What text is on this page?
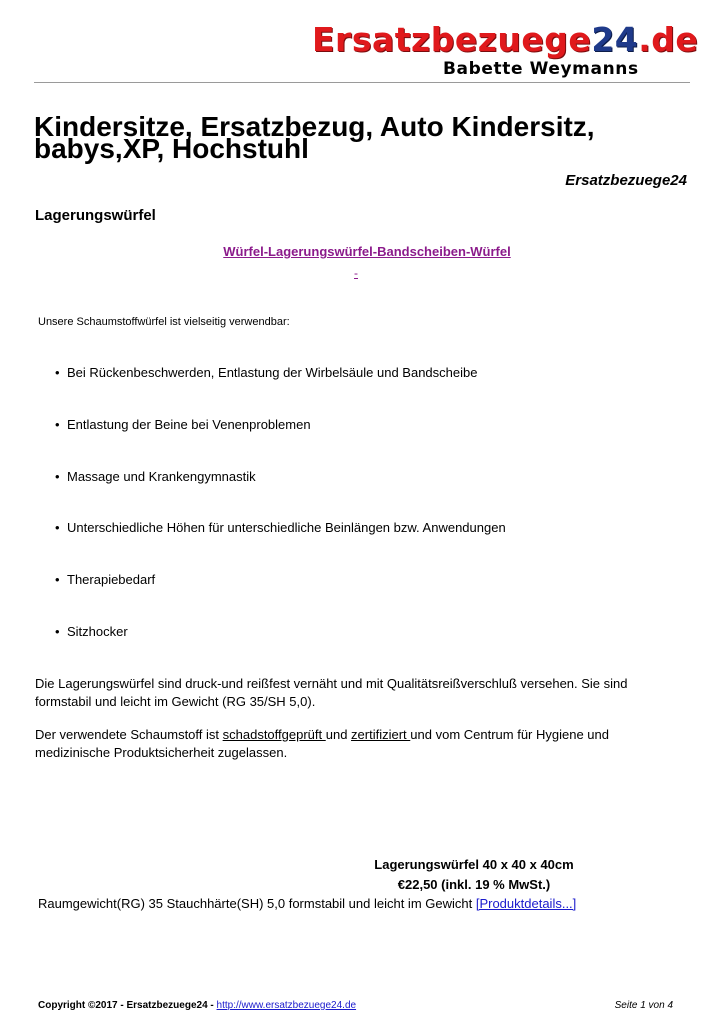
Ersatzbezuege24.de
Babette Weymanns
Kindersitze, Ersatzbezug, Auto Kindersitz,
babys,XP, Hochstuhl
Ersatzbezuege24
Lagerungswürfel
Würfel-Lagerungswürfel-Bandscheiben-Würfel
-
Unsere Schaumstoffwürfel ist vielseitig verwendbar:
• Bei Rückenbeschwerden, Entlastung der Wirbelsäule und Bandscheibe
• Entlastung der Beine bei Venenproblemen
• Massage und Krankengymnastik
• Unterschiedliche Höhen für unterschiedliche Beinlängen bzw. Anwendungen
• Therapiebedarf
• Sitzhocker

Die Lagerungswürfel sind druck-und reißfest vernäht und mit Qualitätsreißverschluß versehen. Sie sind formstabil und leicht im Gewicht (RG 35/SH 5,0).

Der verwendete Schaumstoff ist schadstoffgeprüft und zertifiziert und vom Centrum für Hygiene und medizinische Produktsicherheit zugelassen.

Lagerungswürfel 40 x 40 x 40cm
€22,50 (inkl. 19 % MwSt.)
Raumgewicht(RG) 35 Stauchhärte(SH) 5,0 formstabil und leicht im Gewicht [Produktdetails...]
Copyright ©2017 - Ersatzbezuege24 - http://www.ersatzbezuege24.de	Seite 1 von 4
